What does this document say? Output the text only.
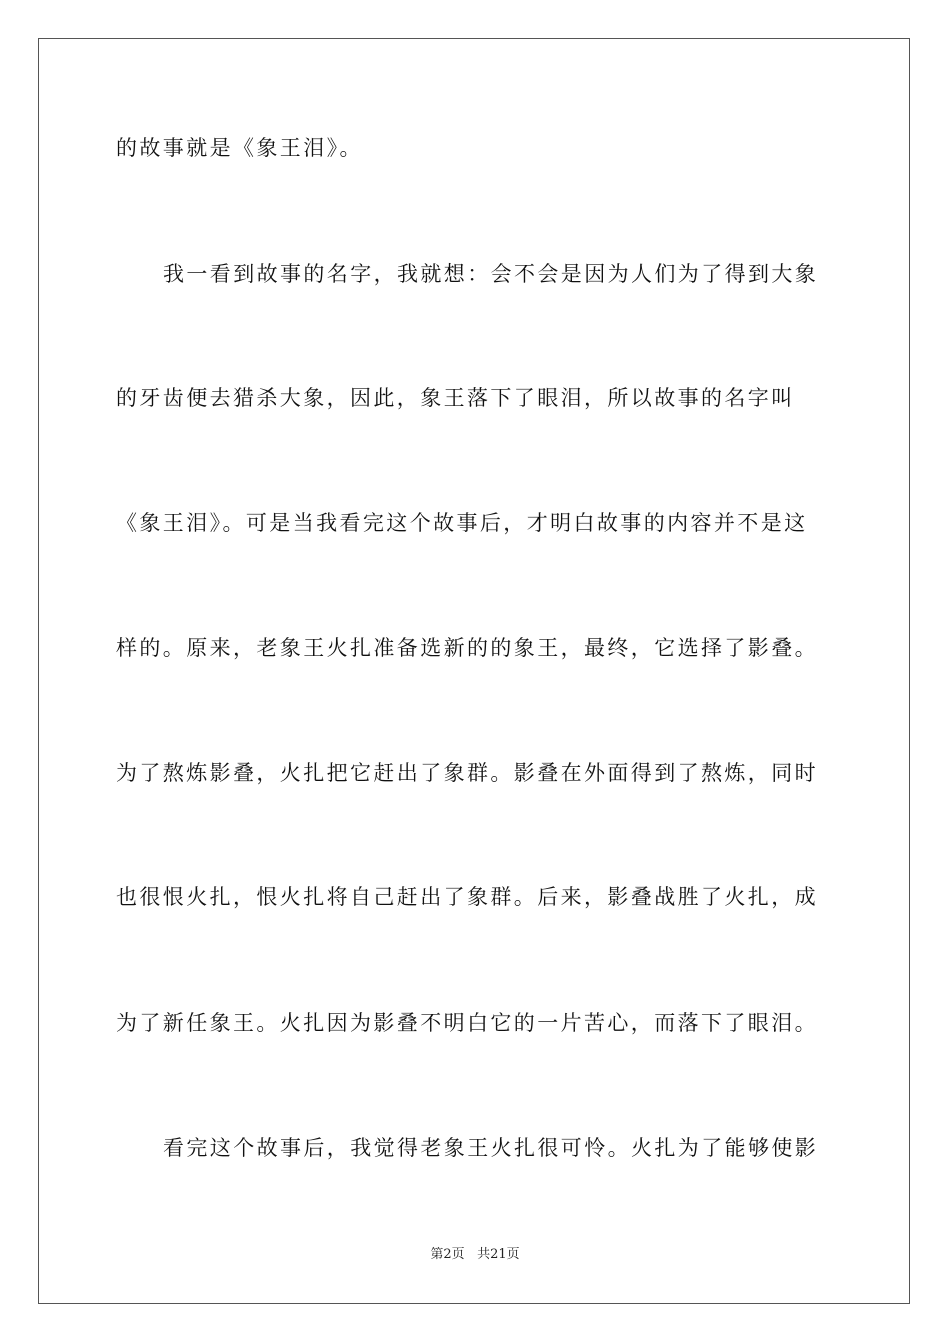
的故事就是《象王泪》。
我一看到故事的名字，我就想：会不会是因为人们为了得到大象
的牙齿便去猎杀大象，因此，象王落下了眼泪，所以故事的名字叫
《象王泪》。可是当我看完这个故事后，才明白故事的内容并不是这
样的。原来，老象王火扎准备选新的的象王，最终，它选择了影叠。
为了熬炼影叠，火扎把它赶出了象群。影叠在外面得到了熬炼，同时
也很恨火扎，恨火扎将自己赶出了象群。后来，影叠战胜了火扎，成
为了新任象王。火扎因为影叠不明白它的一片苦心，而落下了眼泪。
看完这个故事后，我觉得老象王火扎很可怜。火扎为了能够使影
第2页 共21页
